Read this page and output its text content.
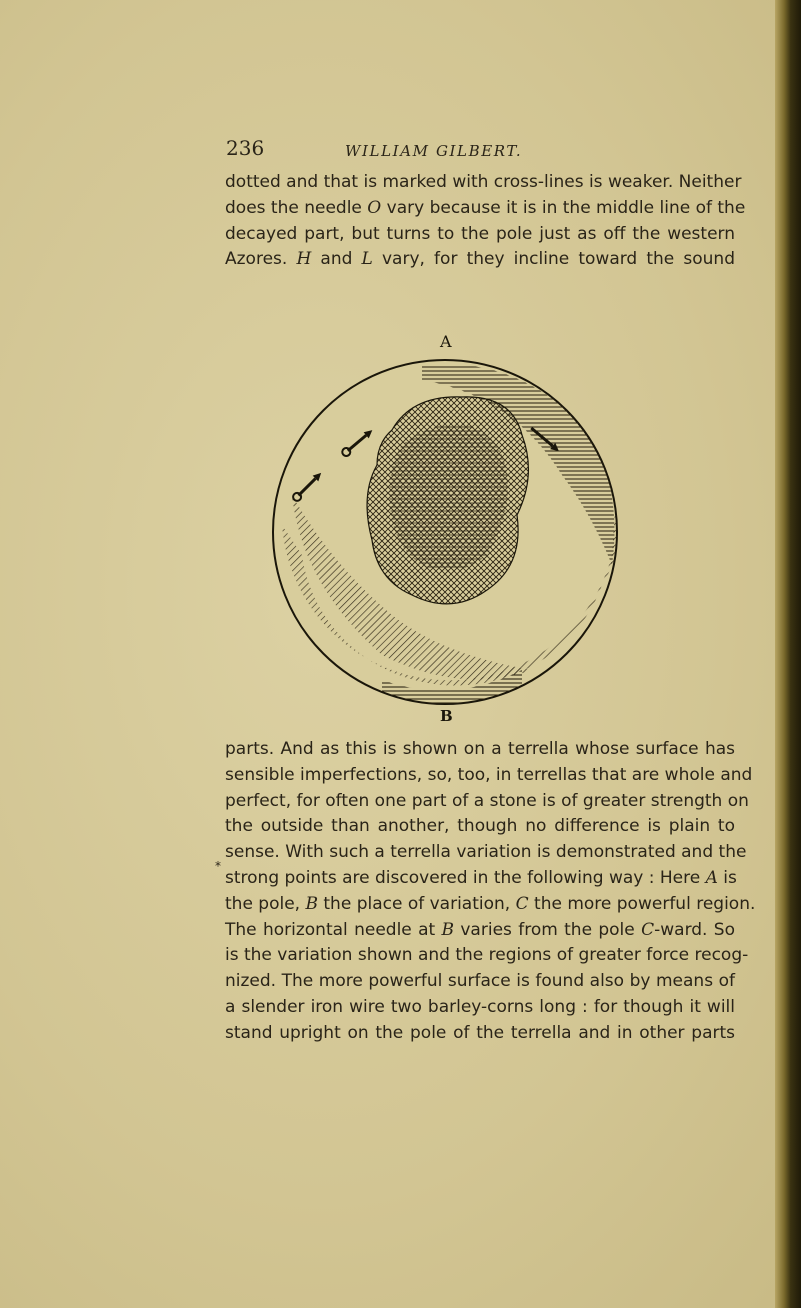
236	WILLIAM GILBERT.
dotted and that is marked with cross-lines is weaker. Neither
does the needle O vary because it is in the middle line of the
decayed part, but turns to the pole just as off the western
Azores. H and L vary, for they incline toward the sound
A
B
parts. And as this is shown on a terrella whose surface has
sensible imperfections, so, too, in terrellas that are whole and
perfect, for often one part of a stone is of greater strength on
the outside than another, though no difference is plain to
sense. With such a terrella variation is demonstrated and the
strong points are discovered in the following way : Here A is
the pole, B the place of variation, C the more powerful region.
The horizontal needle at B varies from the pole C-ward. So
is the variation shown and the regions of greater force recog-
nized. The more powerful surface is found also by means of
a slender iron wire two barley-corns long : for though it will
stand upright on the pole of the terrella and in other parts
*
